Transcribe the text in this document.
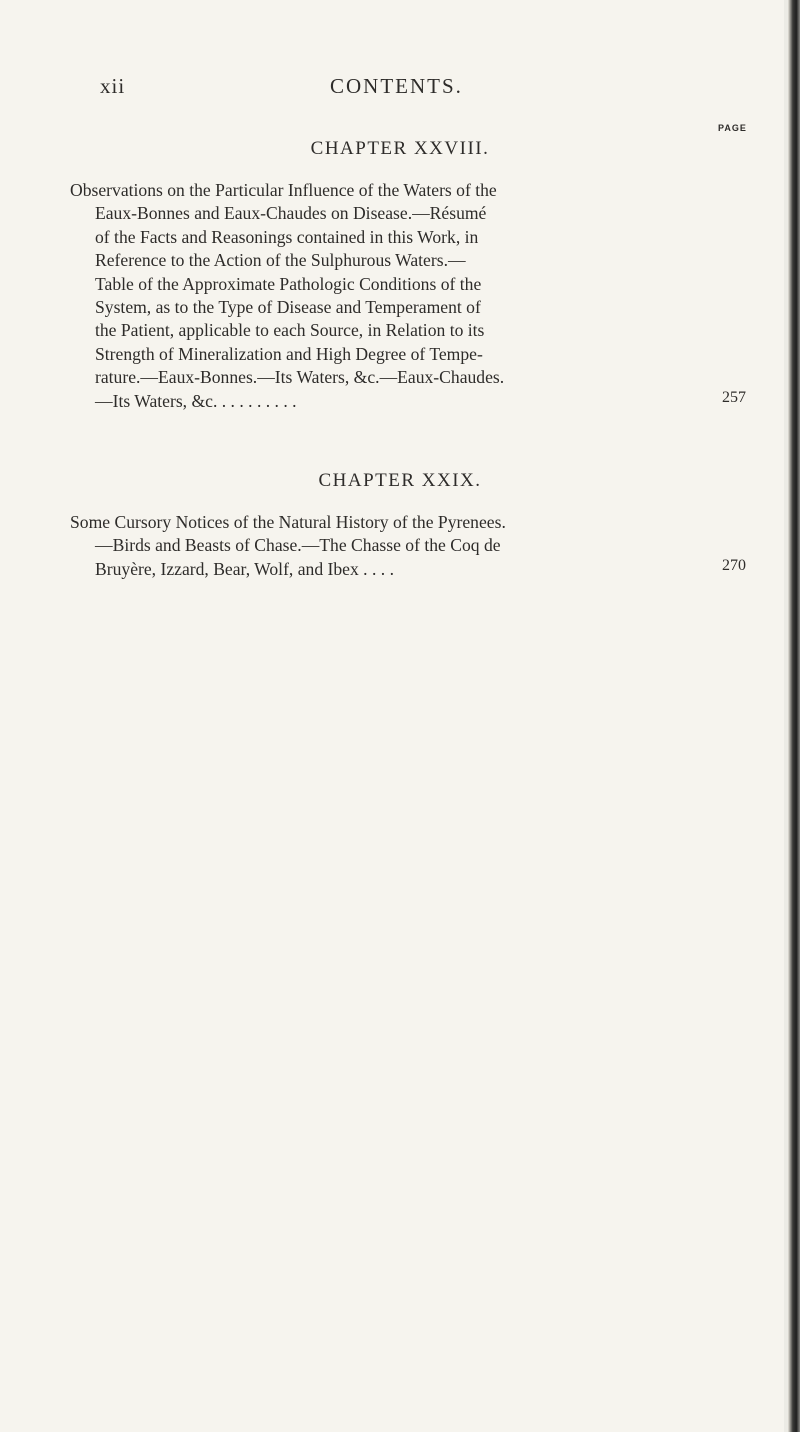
xii	CONTENTS.
PAGE
CHAPTER XXVIII.
Observations on the Particular Influence of the Waters of the
Eaux-Bonnes and Eaux-Chaudes on Disease.—Résumé
of the Facts and Reasonings contained in this Work, in
Reference to the Action of the Sulphurous Waters.—
Table of the Approximate Pathologic Conditions of the
System, as to the Type of Disease and Temperament of
the Patient, applicable to each Source, in Relation to its
Strength of Mineralization and High Degree of Tempe-
rature.—Eaux-Bonnes.—Its Waters, &c.—Eaux-Chaudes.
—Its Waters, &c. . . . . . . . . .	257
CHAPTER XXIX.
Some Cursory Notices of the Natural History of the Pyrenees.
—Birds and Beasts of Chase.—The Chasse of the Coq de
Bruyère, Izzard, Bear, Wolf, and Ibex . . . .	270
